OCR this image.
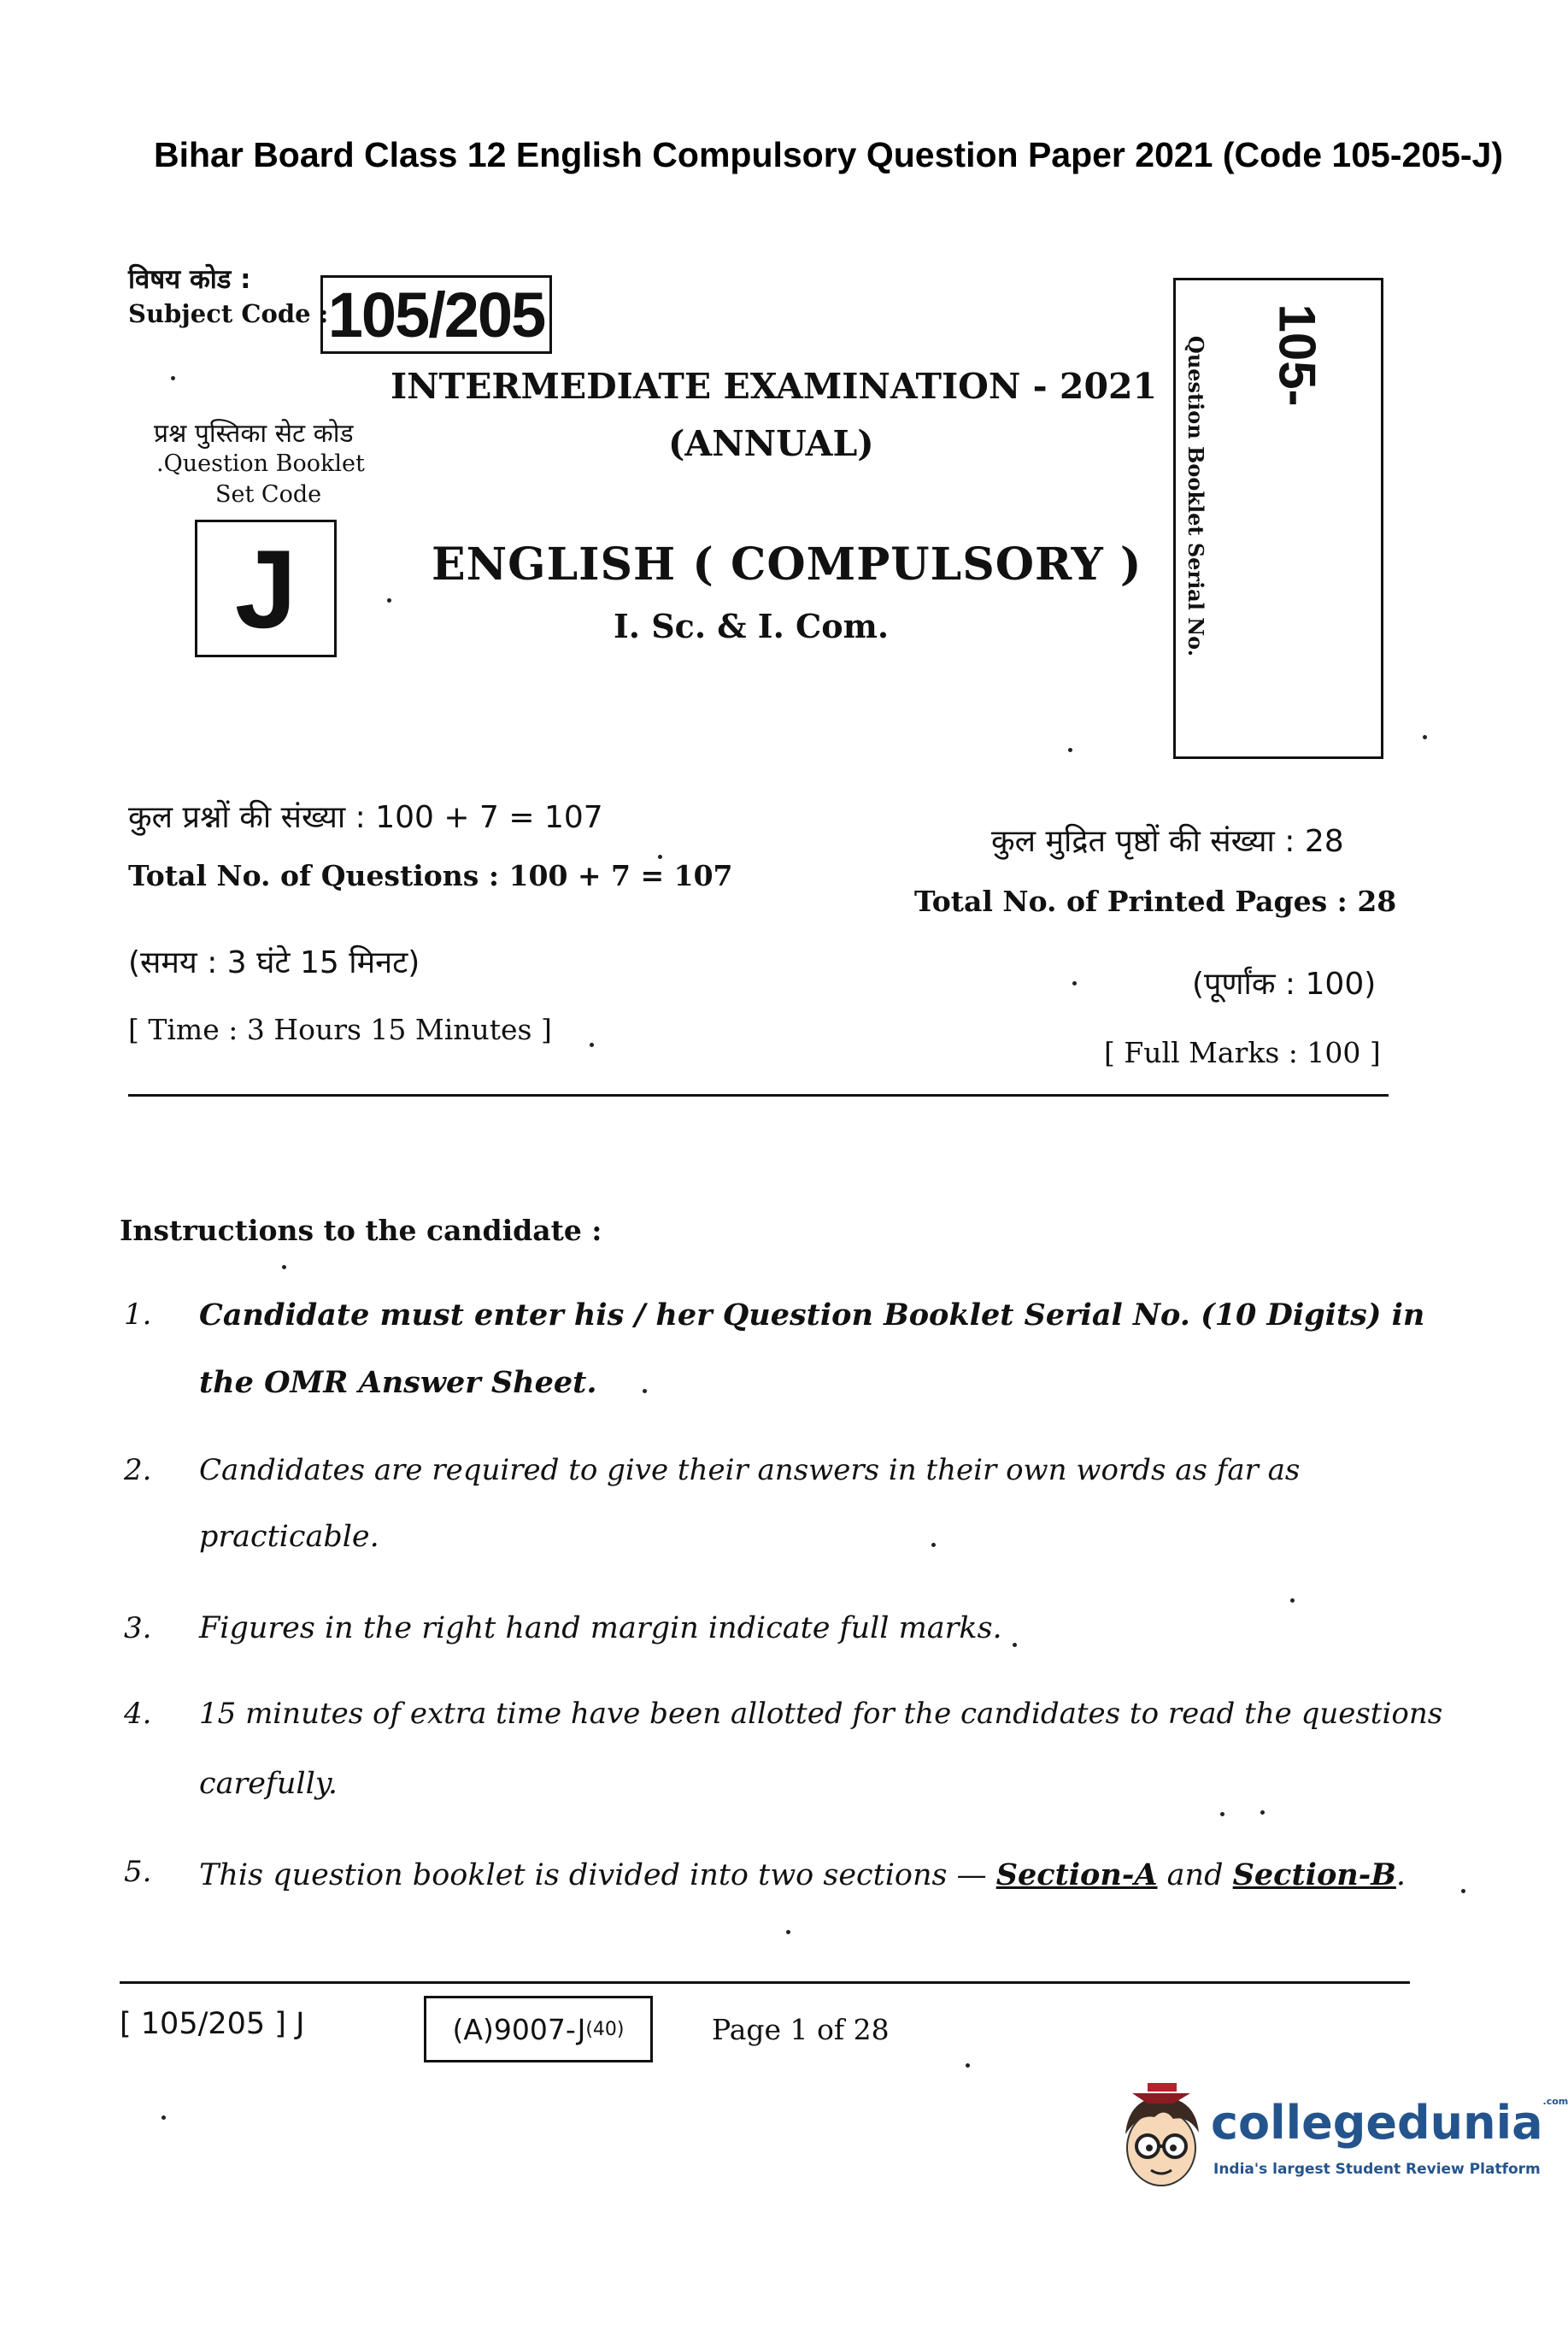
Bihar Board Class 12 English Compulsory Question Paper 2021 (Code 105-205-J)
विषय कोड :
Subject Code : 105/205
प्रश्न पुस्तिका सेट कोड
.Question Booklet
Set Code
J
INTERMEDIATE EXAMINATION - 2021
(ANNUAL)
ENGLISH ( COMPULSORY )
I. Sc. & I. Com.
105-
Question Booklet Serial No.
कुल प्रश्नों की संख्या : 100 + 7 = 107
Total No. of Questions : 100 + 7 = 107
कुल मुद्रित पृष्ठों की संख्या : 28
Total No. of Printed Pages : 28
(समय : 3 घंटे 15 मिनट)
[ Time : 3 Hours 15 Minutes ]
(पूर्णांक : 100)
[ Full Marks : 100 ]
Instructions to the candidate :
1. Candidate must enter his / her Question Booklet Serial No. (10 Digits) in
the OMR Answer Sheet.
2. Candidates are required to give their answers in their own words as far as
practicable.
3. Figures in the right hand margin indicate full marks.
4. 15 minutes of extra time have been allotted for the candidates to read the questions
carefully.
5. This question booklet is divided into two sections — Section-A and Section-B.
[ 105/205 ] J	(A)9007-J (40)	Page 1 of 28
collegedunia$^{.com}$
India's largest Student Review Platform
